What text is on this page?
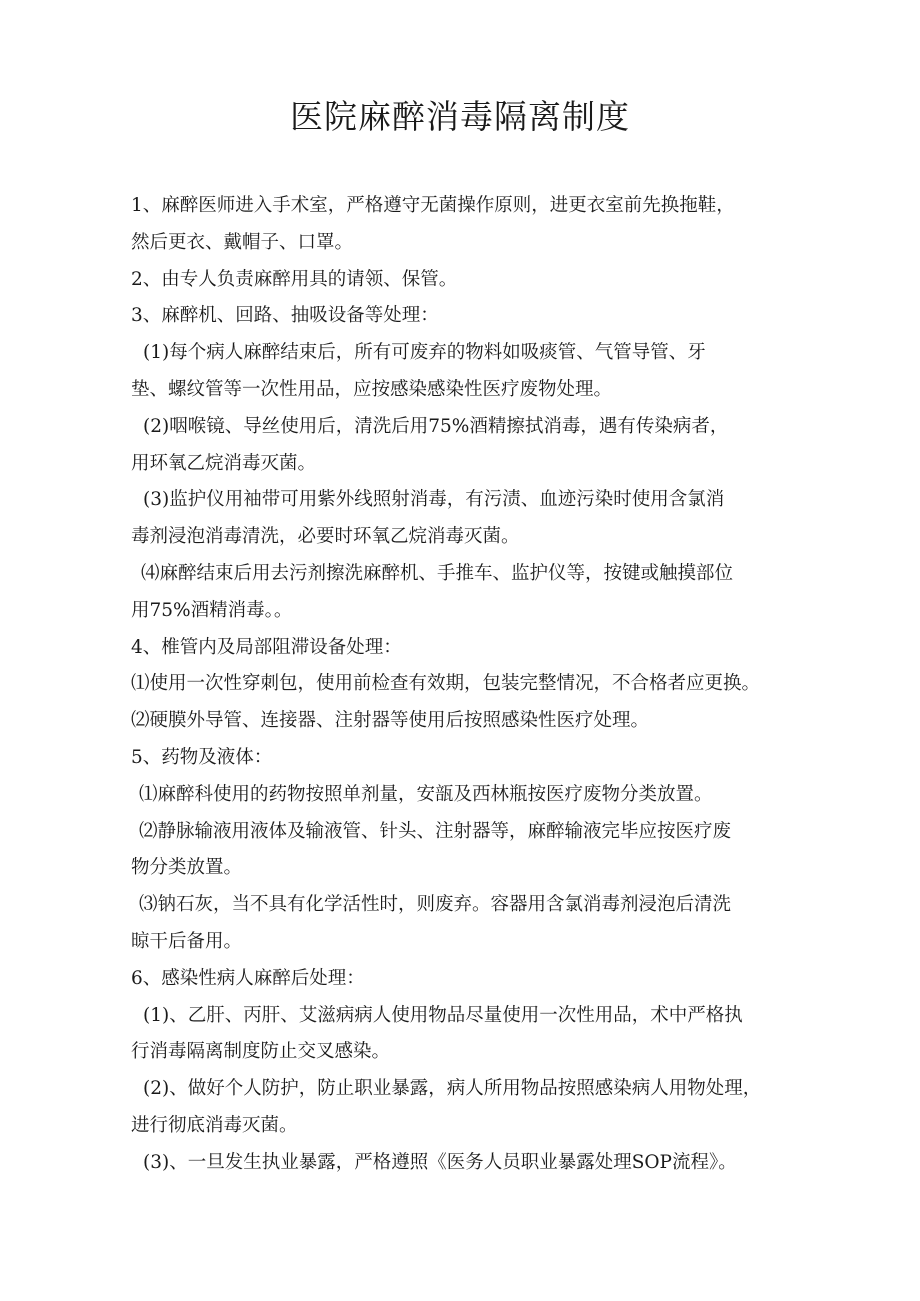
医院麻醉消毒隔离制度

1、麻醉医师进入手术室，严格遵守无菌操作原则，进更衣室前先换拖鞋，

然后更衣、戴帽子、口罩。

2、由专人负责麻醉用具的请领、保管。

3、麻醉机、回路、抽吸设备等处理：

(1)每个病人麻醉结束后，所有可废弃的物料如吸痰管、气管导管、牙

垫、螺纹管等一次性用品，应按感染感染性医疗废物处理。

(2)咽喉镜、导丝使用后，清洗后用75%酒精擦拭消毒，遇有传染病者，

用环氧乙烷消毒灭菌。

(3)监护仪用袖带可用紫外线照射消毒，有污渍、血迹污染时使用含氯消

毒剂浸泡消毒清洗，必要时环氧乙烷消毒灭菌。

⑷麻醉结束后用去污剂擦洗麻醉机、手推车、监护仪等，按键或触摸部位

用75%酒精消毒。。

4、椎管内及局部阻滞设备处理：

⑴使用一次性穿刺包，使用前检查有效期，包装完整情况，不合格者应更换。

⑵硬膜外导管、连接器、注射器等使用后按照感染性医疗处理。

5、药物及液体：

⑴麻醉科使用的药物按照单剂量，安瓿及西林瓶按医疗废物分类放置。

⑵静脉输液用液体及输液管、针头、注射器等，麻醉输液完毕应按医疗废

物分类放置。

⑶钠石灰，当不具有化学活性时，则废弃。容器用含氯消毒剂浸泡后清洗

晾干后备用。

6、感染性病人麻醉后处理：

(1)、乙肝、丙肝、艾滋病病人使用物品尽量使用一次性用品，术中严格执

行消毒隔离制度防止交叉感染。

(2)、做好个人防护，防止职业暴露，病人所用物品按照感染病人用物处理，

进行彻底消毒灭菌。

(3)、一旦发生执业暴露，严格遵照《医务人员职业暴露处理SOP流程》。
